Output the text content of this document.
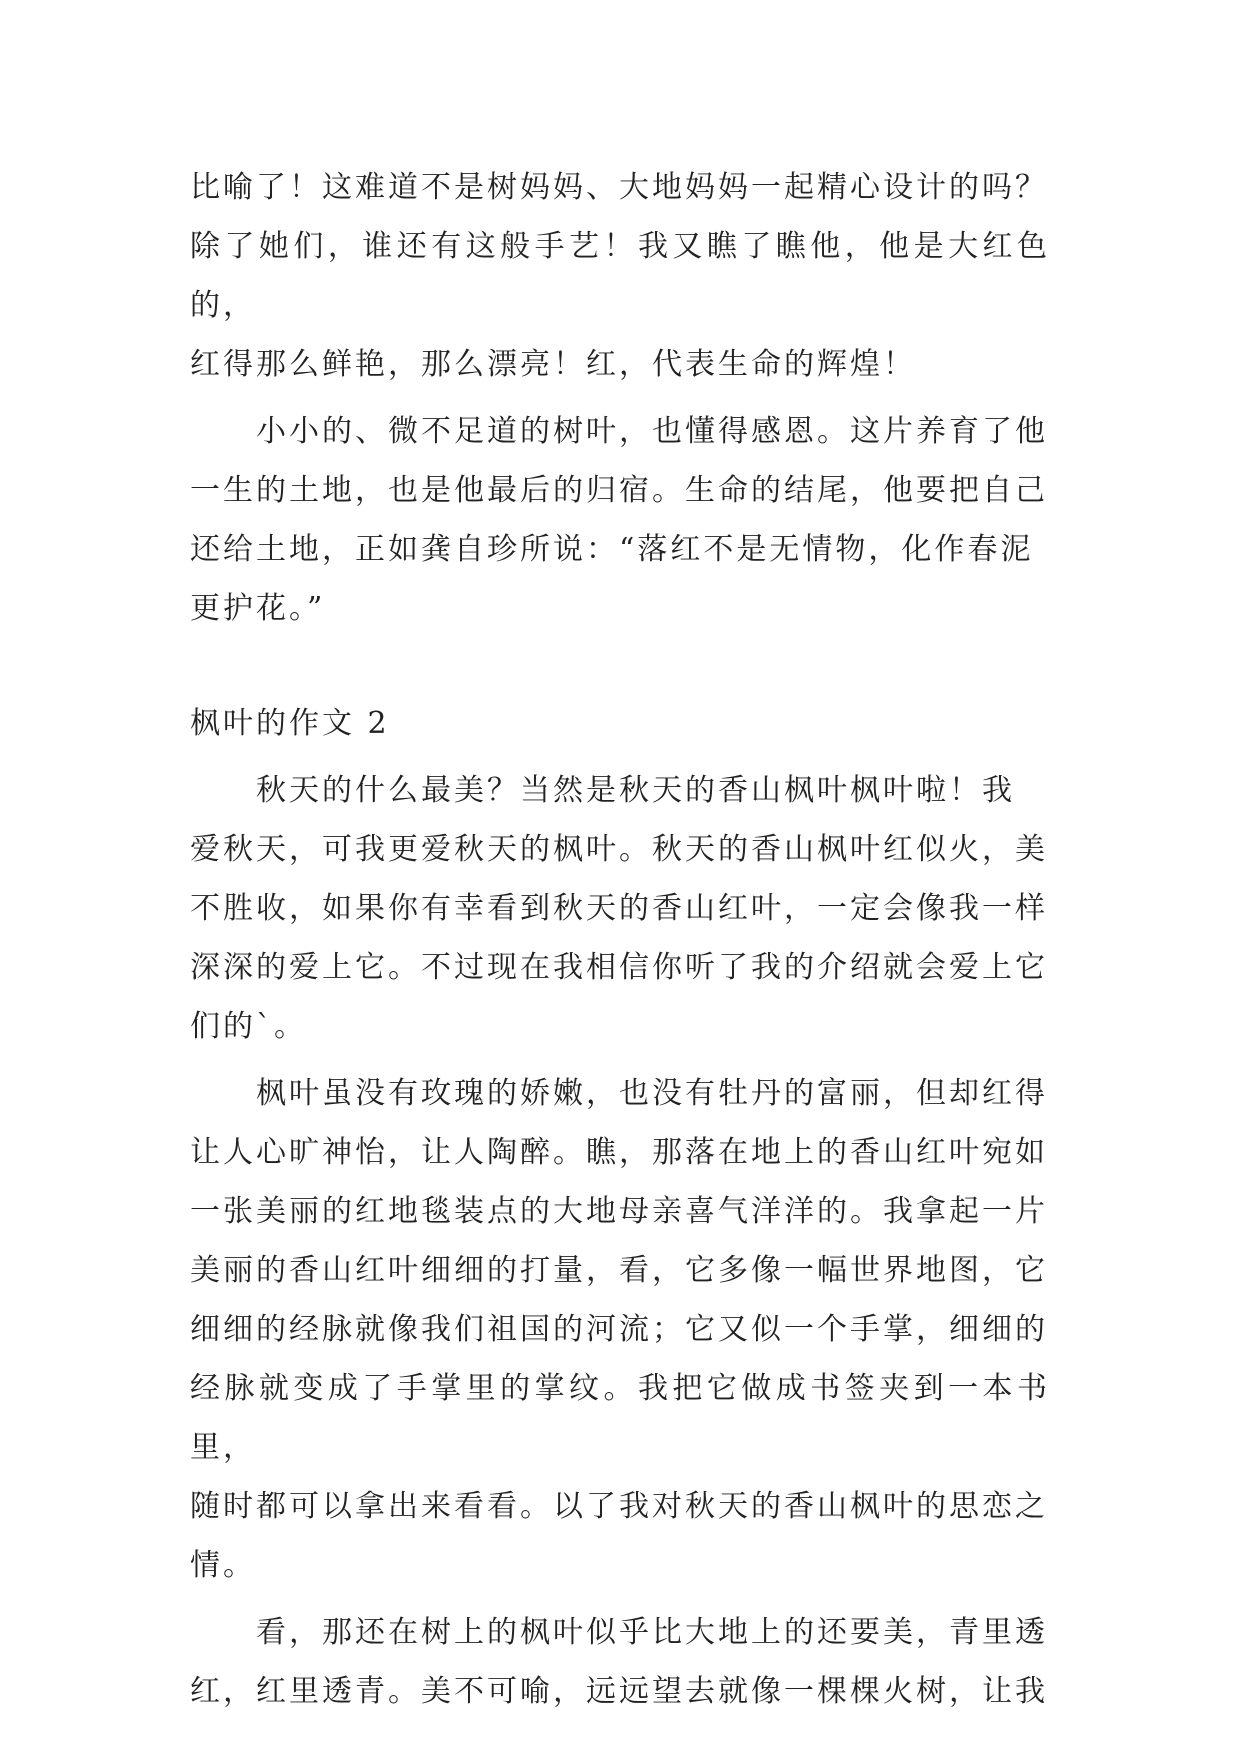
比喻了！这难道不是树妈妈、大地妈妈一起精心设计的吗？
除了她们，谁还有这般手艺！我又瞧了瞧他，他是大红色的，
红得那么鲜艳，那么漂亮！红，代表生命的辉煌！

小小的、微不足道的树叶，也懂得感恩。这片养育了他
一生的土地，也是他最后的归宿。生命的结尾，他要把自己
还给土地，正如龚自珍所说：“落红不是无情物，化作春泥
更护花。”

枫叶的作文 2

秋天的什么最美？当然是秋天的香山枫叶枫叶啦！我
爱秋天，可我更爱秋天的枫叶。秋天的香山枫叶红似火，美
不胜收，如果你有幸看到秋天的香山红叶，一定会像我一样
深深的爱上它。不过现在我相信你听了我的介绍就会爱上它
们的`。

枫叶虽没有玫瑰的娇嫩，也没有牡丹的富丽，但却红得
让人心旷神怡，让人陶醉。瞧，那落在地上的香山红叶宛如
一张美丽的红地毯装点的大地母亲喜气洋洋的。我拿起一片
美丽的香山红叶细细的打量，看，它多像一幅世界地图，它
细细的经脉就像我们祖国的河流；它又似一个手掌，细细的
经脉就变成了手掌里的掌纹。我把它做成书签夹到一本书里，
随时都可以拿出来看看。以了我对秋天的香山枫叶的思恋之
情。

看，那还在树上的枫叶似乎比大地上的还要美，青里透
红，红里透青。美不可喻，远远望去就像一棵棵火树，让我
